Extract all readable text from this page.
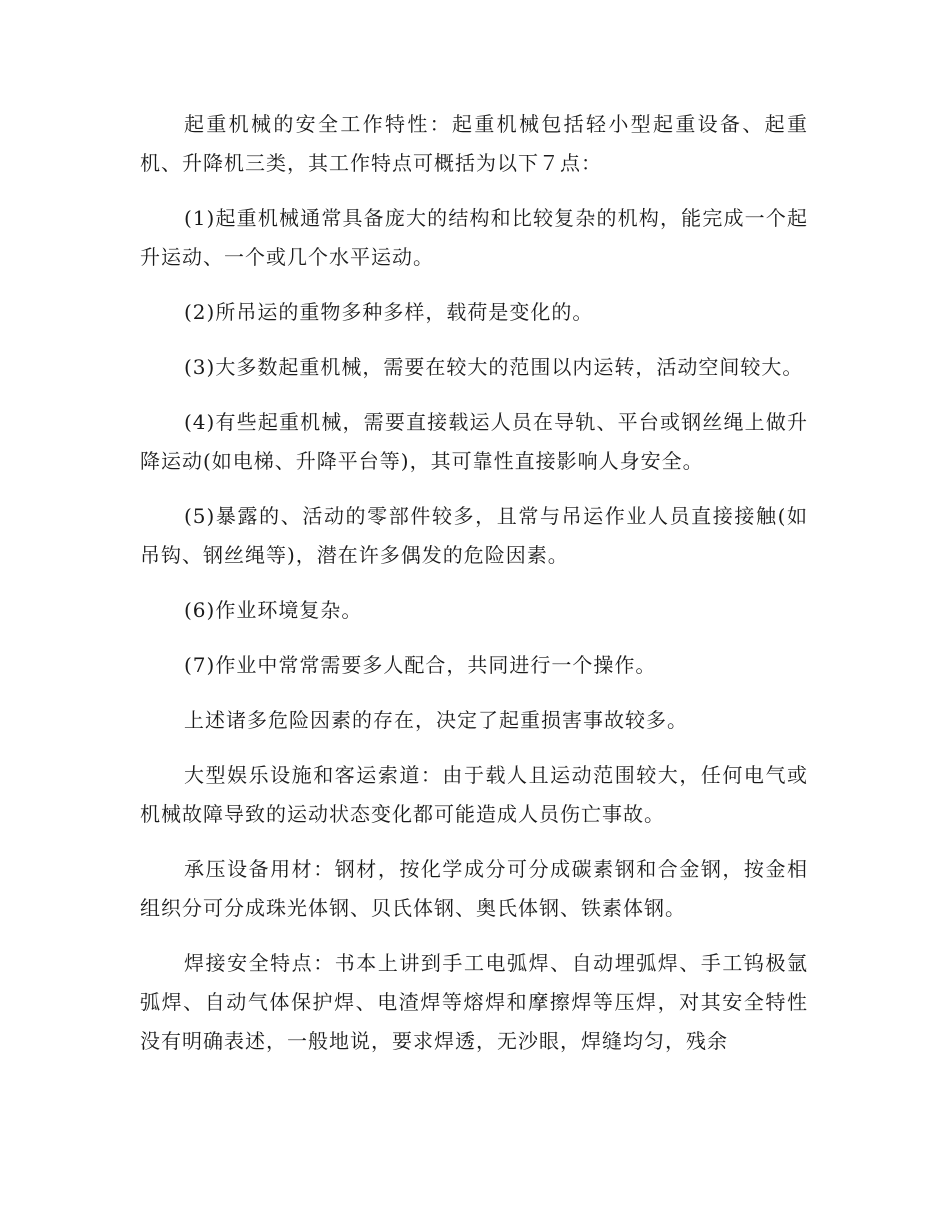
起重机械的安全工作特性：起重机械包括轻小型起重设备、起重机、升降机三类，其工作特点可概括为以下７点：

(1)起重机械通常具备庞大的结构和比较复杂的机构，能完成一个起升运动、一个或几个水平运动。

(2)所吊运的重物多种多样，载荷是变化的。

(3)大多数起重机械，需要在较大的范围以内运转，活动空间较大。

(4)有些起重机械，需要直接载运人员在导轨、平台或钢丝绳上做升降运动(如电梯、升降平台等)，其可靠性直接影响人身安全。

(5)暴露的、活动的零部件较多，且常与吊运作业人员直接接触(如吊钩、钢丝绳等)，潜在许多偶发的危险因素。

(6)作业环境复杂。

(7)作业中常常需要多人配合，共同进行一个操作。

上述诸多危险因素的存在，决定了起重损害事故较多。

大型娱乐设施和客运索道：由于载人且运动范围较大，任何电气或机械故障导致的运动状态变化都可能造成人员伤亡事故。

承压设备用材：钢材，按化学成分可分成碳素钢和合金钢，按金相组织分可分成珠光体钢、贝氏体钢、奥氏体钢、铁素体钢。

焊接安全特点：书本上讲到手工电弧焊、自动埋弧焊、手工钨极氩弧焊、自动气体保护焊、电渣焊等熔焊和摩擦焊等压焊，对其安全特性没有明确表述，一般地说，要求焊透，无沙眼，焊缝均匀，残余
